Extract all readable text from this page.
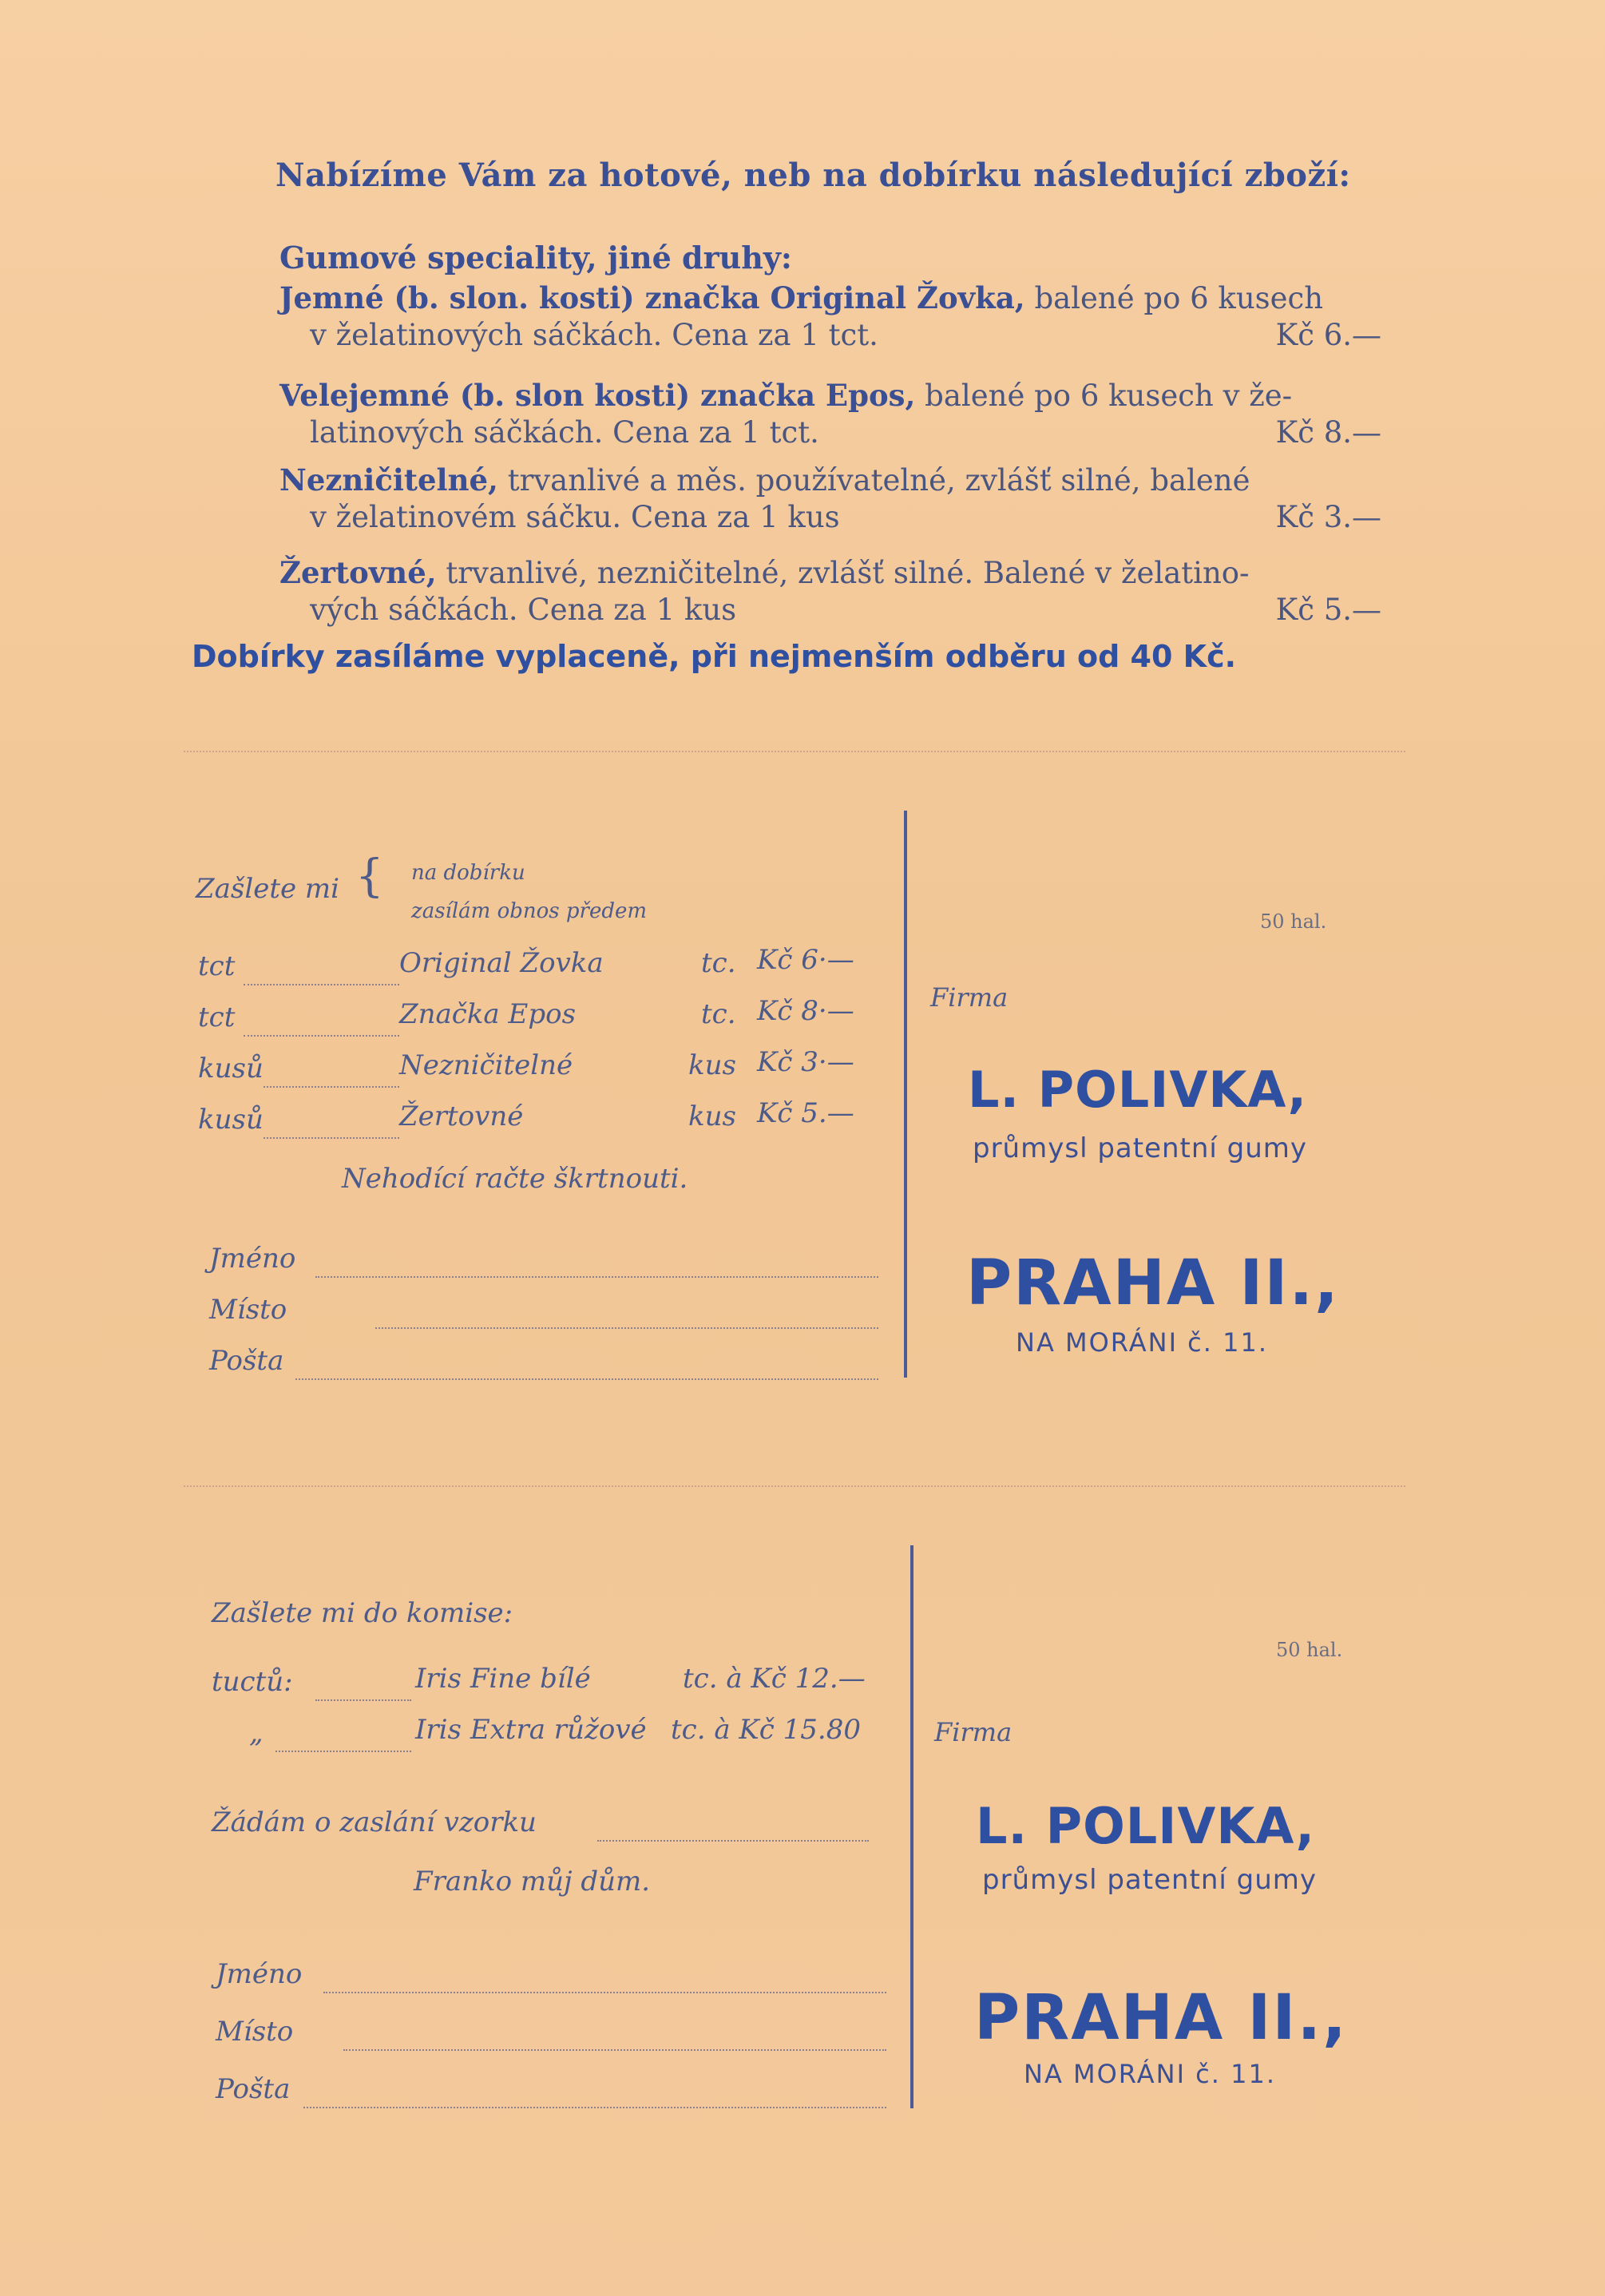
Nabízíme Vám za hotové, neb na dobírku následující zboží:
Gumové speciality, jiné druhy:
Jemné (b. slon. kosti) značka Original Žovka, balené po 6 kusech
v želatinových sáčkách. Cena za 1 tct.	Kč 6.—
Velejemné (b. slon kosti) značka Epos, balené po 6 kusech v že-
latinových sáčkách. Cena za 1 tct.	Kč 8.—
Nezničitelné, trvanlivé a měs. používatelné, zvlášť silné, balené
v želatinovém sáčku. Cena za 1 kus	Kč 3.—
Žertovné, trvanlivé, nezničitelné, zvlášť silné. Balené v želatino-
vých sáčkách. Cena za 1 kus	Kč 5.—
Dobírky zasíláme vyplaceně, při nejmenším odběru od 40 Kč.
Zašlete mi { na dobírku
zasílám obnos předem
tct	Original Žovka	tc. Kč 6·—
tct	Značka Epos	tc. Kč 8·—
kusů	Nezničitelné	kus Kč 3·—
kusů	Žertovné	kus Kč 5.—
Nehodící račte škrtnouti.
Jméno
Místo
Pošta
50 hal.
Firma
L. POLIVKA,
průmysl patentní gumy
PRAHA II.,
NA MORÁNI č. 11.
Zašlete mi do komise:
tuctů:	Iris Fine bílé	tc. à Kč 12.—
„	Iris Extra růžové tc. à Kč 15.80
Žádám o zaslání vzorku
Franko můj dům.
Jméno
Místo
Pošta
50 hal.
Firma
L. POLIVKA,
průmysl patentní gumy
PRAHA II.,
NA MORÁNI č. 11.
